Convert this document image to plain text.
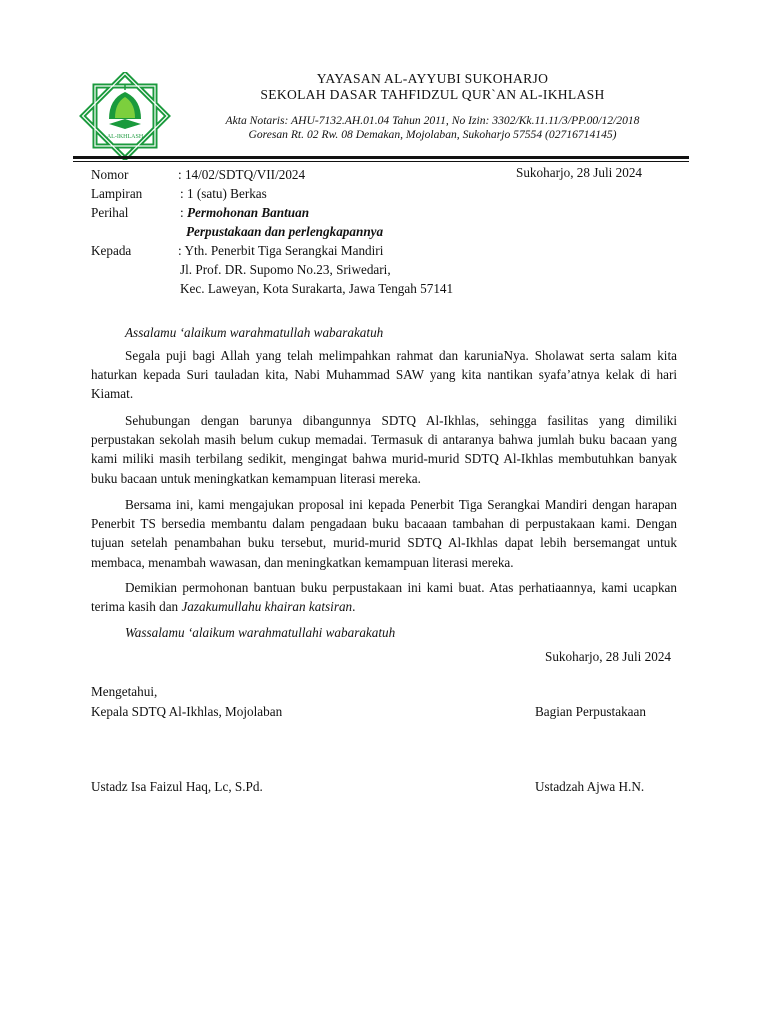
AL-IKHLASH
YAYASAN AL-AYYUBI SUKOHARJO
SEKOLAH DASAR TAHFIDZUL QUR`AN AL-IKHLASH
Akta Notaris: AHU-7132.AH.01.04 Tahun 2011, No Izin: 3302/Kk.11.11/3/PP.00/12/2018
Goresan Rt. 02 Rw. 08 Demakan, Mojolaban, Sukoharjo 57554 (02716714145)
Nomor	: 14/02/SDTQ/VII/2024	Sukoharjo, 28 Juli 2024
Lampiran	: 1 (satu) Berkas
Perihal	: Permohonan Bantuan
Perpustakaan dan perlengkapannya
Kepada	: Yth. Penerbit Tiga Serangkai Mandiri
Jl. Prof. DR. Supomo No.23, Sriwedari,
Kec. Laweyan, Kota Surakarta, Jawa Tengah 57141
Assalamu ‘alaikum warahmatullah wabarakatuh
Segala puji bagi Allah yang telah melimpahkan rahmat dan karuniaNya. Sholawat serta salam kita haturkan kepada Suri tauladan kita, Nabi Muhammad SAW yang kita nantikan syafa’atnya kelak di hari Kiamat.
Sehubungan dengan barunya dibangunnya SDTQ Al-Ikhlas, sehingga fasilitas yang dimiliki perpustakan sekolah masih belum cukup memadai. Termasuk di antaranya bahwa jumlah buku bacaan yang kami miliki masih terbilang sedikit, mengingat bahwa murid-murid SDTQ Al-Ikhlas membutuhkan banyak buku bacaan untuk meningkatkan kemampuan literasi mereka.
Bersama ini, kami mengajukan proposal ini kepada Penerbit Tiga Serangkai Mandiri dengan harapan Penerbit TS bersedia membantu dalam pengadaan buku bacaaan tambahan di perpustakaan kami. Dengan tujuan setelah penambahan buku tersebut, murid-murid SDTQ Al-Ikhlas dapat lebih bersemangat untuk membaca, menambah wawasan, dan meningkatkan kemampuan literasi mereka.
Demikian permohonan bantuan buku perpustakaan ini kami buat. Atas perhatiaannya, kami ucapkan terima kasih dan Jazakumullahu khairan katsiran.
Wassalamu ‘alaikum warahmatullahi wabarakatuh
Sukoharjo, 28 Juli 2024
Mengetahui,
Kepala SDTQ Al-Ikhlas, Mojolaban	Bagian Perpustakaan
Ustadz Isa Faizul Haq, Lc, S.Pd.	Ustadzah Ajwa H.N.
